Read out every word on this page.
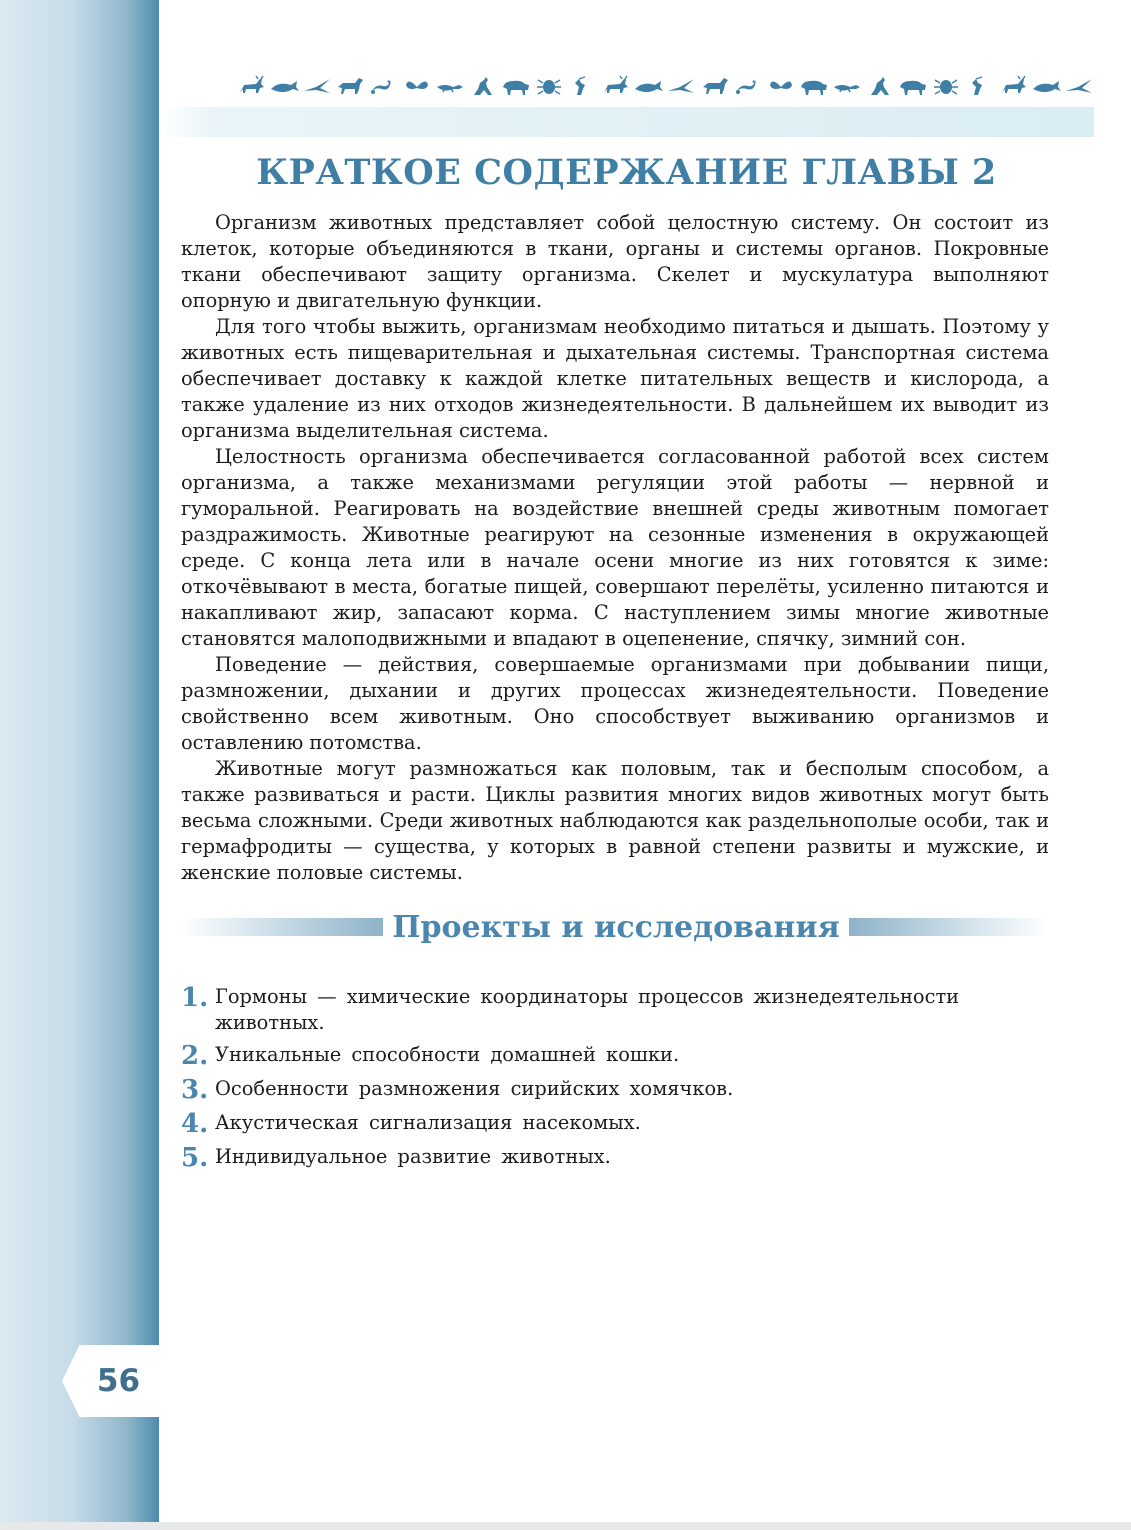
56
КРАТКОЕ СОДЕРЖАНИЕ ГЛАВЫ 2

Организм животных представляет собой целостную систему. Он состоит из клеток, которые объединяются в ткани, органы и системы органов. Покровные ткани обеспечивают защиту организма. Скелет и мускулатура выполняют опорную и двигательную функции.

Для того чтобы выжить, организмам необходимо питаться и дышать. Поэтому у животных есть пищеварительная и дыхательная системы. Транспортная система обеспечивает доставку к каждой клетке питательных веществ и кислорода, а также удаление из них отходов жизнедеятельности. В дальнейшем их выводит из организма выделительная система.

Целостность организма обеспечивается согласованной работой всех систем организма, а также механизмами регуляции этой работы — нервной и гуморальной. Реагировать на воздействие внешней среды животным помогает раздражимость. Животные реагируют на сезонные изменения в окружающей среде. С конца лета или в начале осени многие из них готовятся к зиме: откочёвывают в места, богатые пищей, совершают перелёты, усиленно питаются и накапливают жир, запасают корма. С наступлением зимы многие животные становятся малоподвижными и впадают в оцепенение, спячку, зимний сон.

Поведение — действия, совершаемые организмами при добывании пищи, размножении, дыхании и других процессах жизнедеятельности. Поведение свойственно всем животным. Оно способствует выживанию организмов и оставлению потомства.

Животные могут размножаться как половым, так и бесполым способом, а также развиваться и расти. Циклы развития многих видов животных могут быть весьма сложными. Среди животных наблюдаются как раздельнополые особи, так и гермафродиты — существа, у которых в равной степени развиты и мужские, и женские половые системы.

Проекты и исследования
1. Гормоны — химические координаторы процессов жизнедеятельности животных.
2. Уникальные способности домашней кошки.
3. Особенности размножения сирийских хомячков.
4. Акустическая сигнализация насекомых.
5. Индивидуальное развитие животных.
